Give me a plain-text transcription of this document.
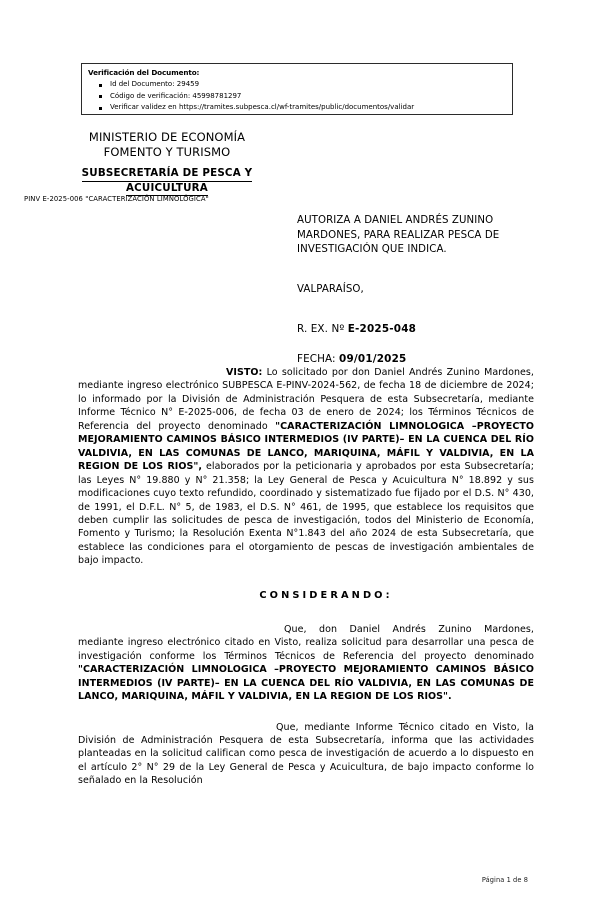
Verificación del Documento:
Id del Documento: 29459
Código de verificación: 45998781297
Verificar validez en https://tramites.subpesca.cl/wf-tramites/public/documentos/validar
MINISTERIO DE ECONOMÍA
FOMENTO Y TURISMO
SUBSECRETARÍA DE PESCA Y
ACUICULTURA
PINV E-2025-006 "CARACTERIZACIÓN LIMNOLÓGICA"
AUTORIZA A DANIEL ANDRÉS ZUNINO MARDONES, PARA REALIZAR PESCA DE INVESTIGACIÓN QUE INDICA.
VALPARAÍSO,
R. EX. Nº E-2025-048
FECHA: 09/01/2025

VISTO: Lo solicitado por don Daniel Andrés Zunino Mardones, mediante ingreso electrónico SUBPESCA E-PINV-2024-562, de fecha 18 de diciembre de 2024; lo informado por la División de Administración Pesquera de esta Subsecretaría, mediante Informe Técnico N° E-2025-006, de fecha 03 de enero de 2024; los Términos Técnicos de Referencia del proyecto denominado "CARACTERIZACIÓN LIMNOLOGICA –PROYECTO MEJORAMIENTO CAMINOS BÁSICO INTERMEDIOS (IV PARTE)– EN LA CUENCA DEL RÍO VALDIVIA, EN LAS COMUNAS DE LANCO, MARIQUINA, MÁFIL Y VALDIVIA, EN LA REGION DE LOS RIOS", elaborados por la peticionaria y aprobados por esta Subsecretaría; las Leyes N° 19.880 y N° 21.358; la Ley General de Pesca y Acuicultura N° 18.892 y sus modificaciones cuyo texto refundido, coordinado y sistematizado fue fijado por el D.S. N° 430, de 1991, el D.F.L. N° 5, de 1983, el D.S. N° 461, de 1995, que establece los requisitos que deben cumplir las solicitudes de pesca de investigación, todos del Ministerio de Economía, Fomento y Turismo; la Resolución Exenta N°1.843 del año 2024 de esta Subsecretaría, que establece las condiciones para el otorgamiento de pescas de investigación ambientales de bajo impacto.

CONSIDERANDO:

Que, don Daniel Andrés Zunino Mardones, mediante ingreso electrónico citado en Visto, realiza solicitud para desarrollar una pesca de investigación conforme los Términos Técnicos de Referencia del proyecto denominado "CARACTERIZACIÓN LIMNOLOGICA –PROYECTO MEJORAMIENTO CAMINOS BÁSICO INTERMEDIOS (IV PARTE)– EN LA CUENCA DEL RÍO VALDIVIA, EN LAS COMUNAS DE LANCO, MARIQUINA, MÁFIL Y VALDIVIA, EN LA REGION DE LOS RIOS".

Que, mediante Informe Técnico citado en Visto, la División de Administración Pesquera de esta Subsecretaría, informa que las actividades planteadas en la solicitud califican como pesca de investigación de acuerdo a lo dispuesto en el artículo 2° N° 29 de la Ley General de Pesca y Acuicultura, de bajo impacto conforme lo señalado en la Resolución

Página 1 de 8
